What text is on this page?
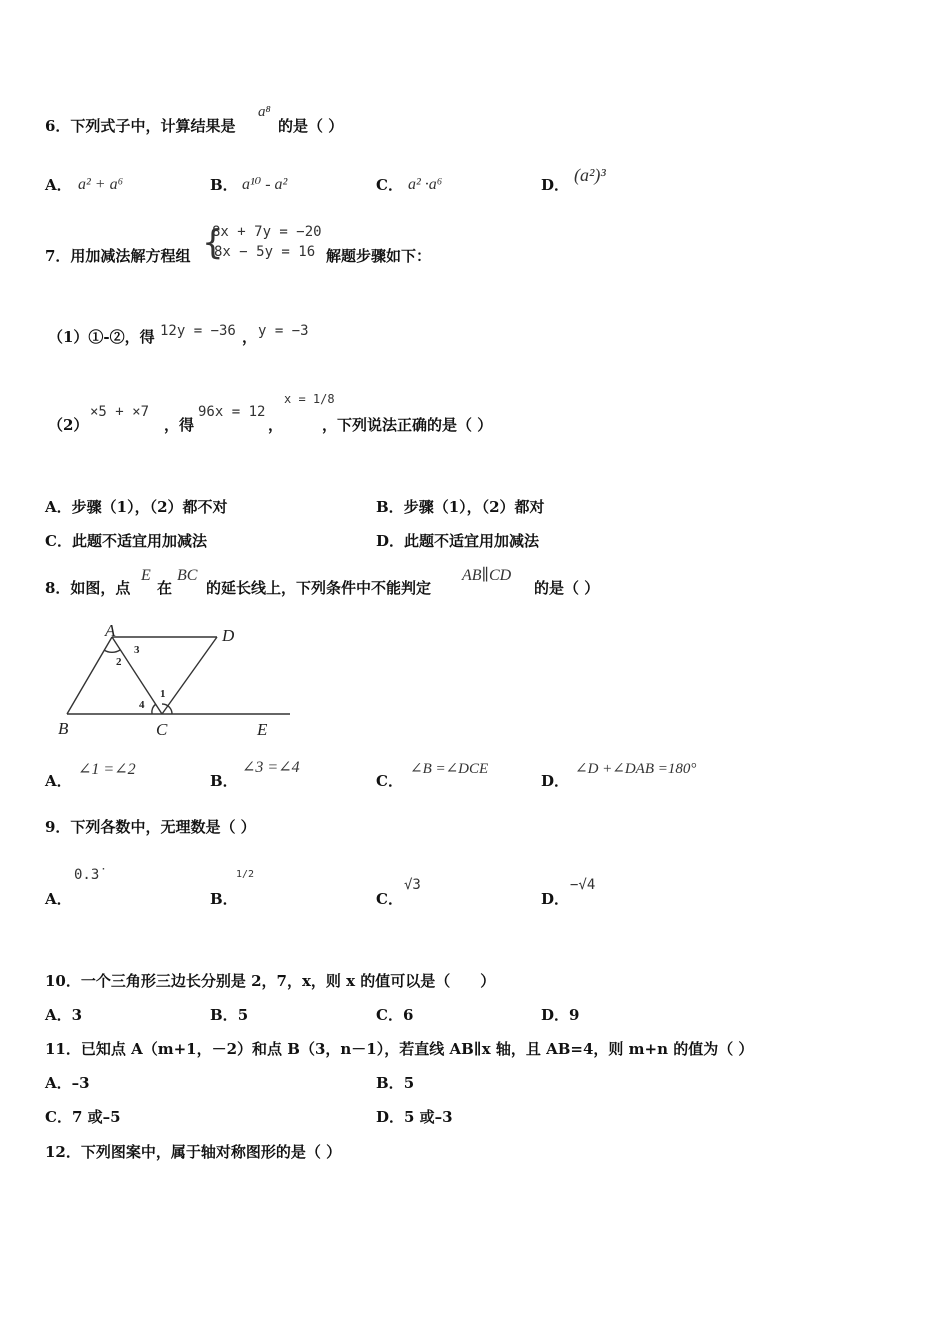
6．下列式子中，计算结果是
a⁸
的是（ ）
A． a² + a⁶	B． a¹⁰ - a²	C． a² ·a⁶	D． (a²)³
7．用加减法解方程组 {
8x + 7y = −20
8x − 5y = 16 解题步骤如下：
（1）①-②，得 12y = −36 ， y = −3
（2）
×5 + ×7
，得
96x = 12
，
x = 1/8
，下列说法正确的是（ ）
A．步骤（1），（2）都不对	B．步骤（1），（2）都对
C．此题不适宜用加减法	D．此题不适宜用加减法
8．如图，点
E
在
BC
的延长线上，下列条件中不能判定
AB∥CD
的是（ ）
A	D
B	C	E
1
2
3
4
A．
∠1 =∠2
B．
∠3 =∠4
C．
∠B =∠DCE
D．
∠D +∠DAB =180°
9．下列各数中，无理数是（ ）
A．
0.3̇
B．
1/2
C．
√3
D．
−√4
10．一个三角形三边长分别是 2，7，x，则 x 的值可以是（　　）
A．3	B．5	C．6	D．9
11．已知点 A（m+1，－2）和点 B（3，n－1），若直线 AB∥x 轴，且 AB=4，则 m+n 的值为（ ）
A．–3	B．5
C．7 或–5	D．5 或–3
12．下列图案中，属于轴对称图形的是（ ）
